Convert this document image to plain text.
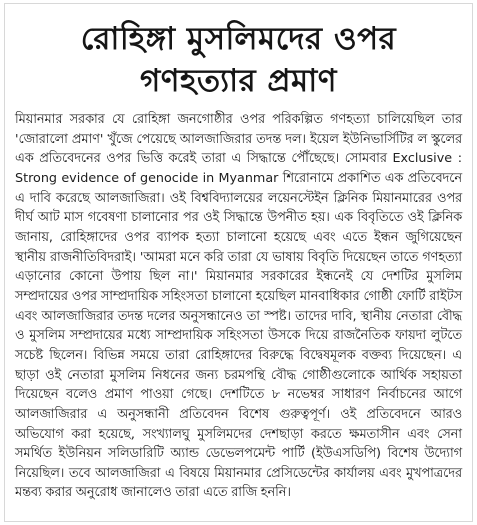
রোহিঙ্গা মুসলিমদের ওপর
গণহত্যার প্রমাণ

মিয়ানমার সরকার যে রোহিঙ্গা জনগোষ্ঠীর ওপর পরিকল্পিত গণহত্যা চালিয়েছিল তার 'জোরালো প্রমাণ' খুঁজে পেয়েছে আলজাজিরার তদন্ত দল। ইয়েল ইউনিভার্সিটির ল স্কুলের এক প্রতিবেদনের ওপর ভিত্তি করেই তারা এ সিদ্ধান্তে পৌঁছেছে। সোমবার Exclusive : Strong evidence of genocide in Myanmar শিরোনামে প্রকাশিত এক প্রতিবেদনে এ দাবি করেছে আলজাজিরা। ওই বিশ্ববিদ্যালয়ের লয়েনস্টেইন ক্লিনিক মিয়ানমারের ওপর দীর্ঘ আট মাস গবেষণা চালানোর পর ওই সিদ্ধান্তে উপনীত হয়। এক বিবৃতিতে ওই ক্লিনিক জানায়, রোহিঙ্গাদের ওপর ব্যাপক হত্যা চালানো হয়েছে এবং এতে ইন্ধন জুগিয়েছেন স্থানীয় রাজনীতিবিদরাই। 'আমরা মনে করি তারা যে ভাষায় বিবৃতি দিয়েছেন তাতে গণহত্যা এড়ানোর কোনো উপায় ছিল না।' মিয়ানমার সরকারের ইন্ধনেই যে দেশটির মুসলিম সম্প্রদায়ের ওপর সাম্প্রদায়িক সহিংসতা চালানো হয়েছিল মানবাধিকার গোষ্ঠী ফোর্টি রাইটস এবং আলজাজিরার তদন্ত দলের অনুসন্ধানেও তা স্পষ্ট। তাদের দাবি, স্থানীয় নেতারা বৌদ্ধ ও মুসলিম সম্প্রদায়ের মধ্যে সাম্প্রদায়িক সহিংসতা উসকে দিয়ে রাজনৈতিক ফায়দা লুটতে সচেষ্ট ছিলেন। বিভিন্ন সময়ে তারা রোহিঙ্গাদের বিরুদ্ধে বিদ্বেষমূলক বক্তব্য দিয়েছেন। এ ছাড়া ওই নেতারা মুসলিম নিধনের জন্য চরমপন্থি বৌদ্ধ গোষ্ঠীগুলোকে আর্থিক সহায়তা দিয়েছেন বলেও প্রমাণ পাওয়া গেছে। দেশটিতে ৮ নভেম্বর সাধারণ নির্বাচনের আগে আলজাজিরার এ অনুসন্ধানী প্রতিবেদন বিশেষ গুরুত্বপূর্ণ। ওই প্রতিবেদনে আরও অভিযোগ করা হয়েছে, সংখ্যালঘু মুসলিমদের দেশছাড়া করতে ক্ষমতাসীন এবং সেনা সমর্থিত ইউনিয়ন সলিডারিটি অ্যান্ড ডেভেলপমেন্ট পার্টি (ইউএসডিপি) বিশেষ উদ্যোগ নিয়েছিল। তবে আলজাজিরা এ বিষয়ে মিয়ানমার প্রেসিডেন্টের কার্যালয় এবং মুখপাত্রদের মন্তব্য করার অনুরোধ জানালেও তারা এতে রাজি হননি।
